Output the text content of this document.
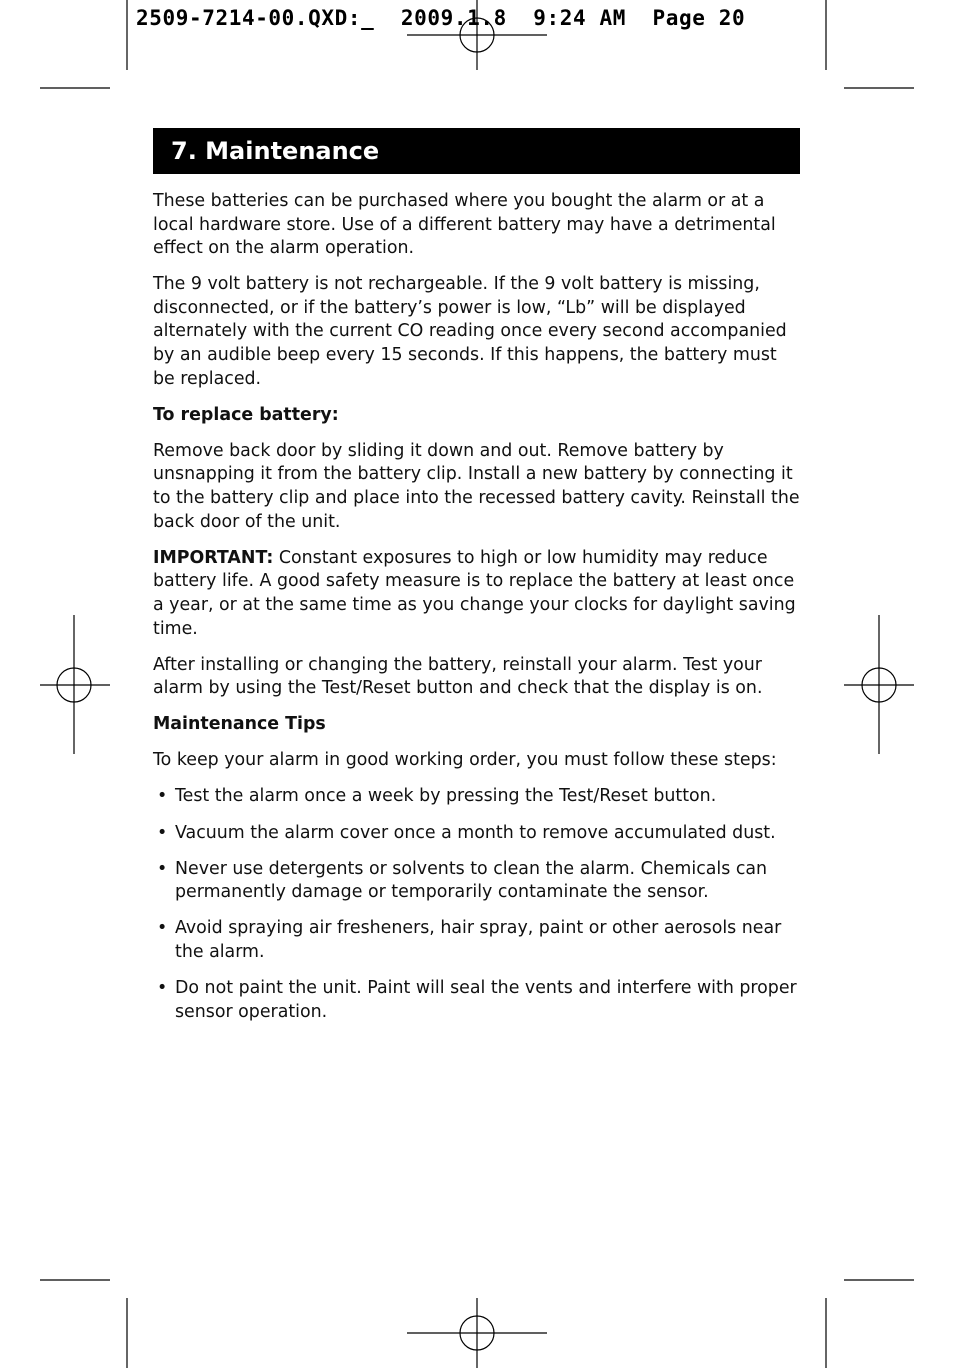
2509-7214-00.QXD:_  2009.1.8  9:24 AM  Page 20
7. Maintenance

These batteries can be purchased where you bought the alarm or at a local hardware store. Use of a different battery may have a detrimental effect on the alarm operation.

The 9 volt battery is not rechargeable. If the 9 volt battery is missing, disconnected, or if the battery’s power is low, “Lb” will be displayed alternately with the current CO reading once every second accompanied by an audible beep every 15 seconds. If this happens, the battery must be replaced.

To replace battery:

Remove back door by sliding it down and out. Remove battery by unsnapping it from the battery clip. Install a new battery by connecting it to the battery clip and place into the recessed battery cavity. Reinstall the back door of the unit.

IMPORTANT: Constant exposures to high or low humidity may reduce battery life. A good safety measure is to replace the battery at least once a year, or at the same time as you change your clocks for daylight saving time.

After installing or changing the battery, reinstall your alarm. Test your alarm by using the Test/Reset button and check that the display is on.

Maintenance Tips

To keep your alarm in good working order, you must follow these steps:

• Test the alarm once a week by pressing the Test/Reset button.
• Vacuum the alarm cover once a month to remove accumulated dust.
• Never use detergents or solvents to clean the alarm. Chemicals can permanently damage or temporarily contaminate the sensor.
• Avoid spraying air fresheners, hair spray, paint or other aerosols near the alarm.
• Do not paint the unit. Paint will seal the vents and interfere with proper sensor operation.
